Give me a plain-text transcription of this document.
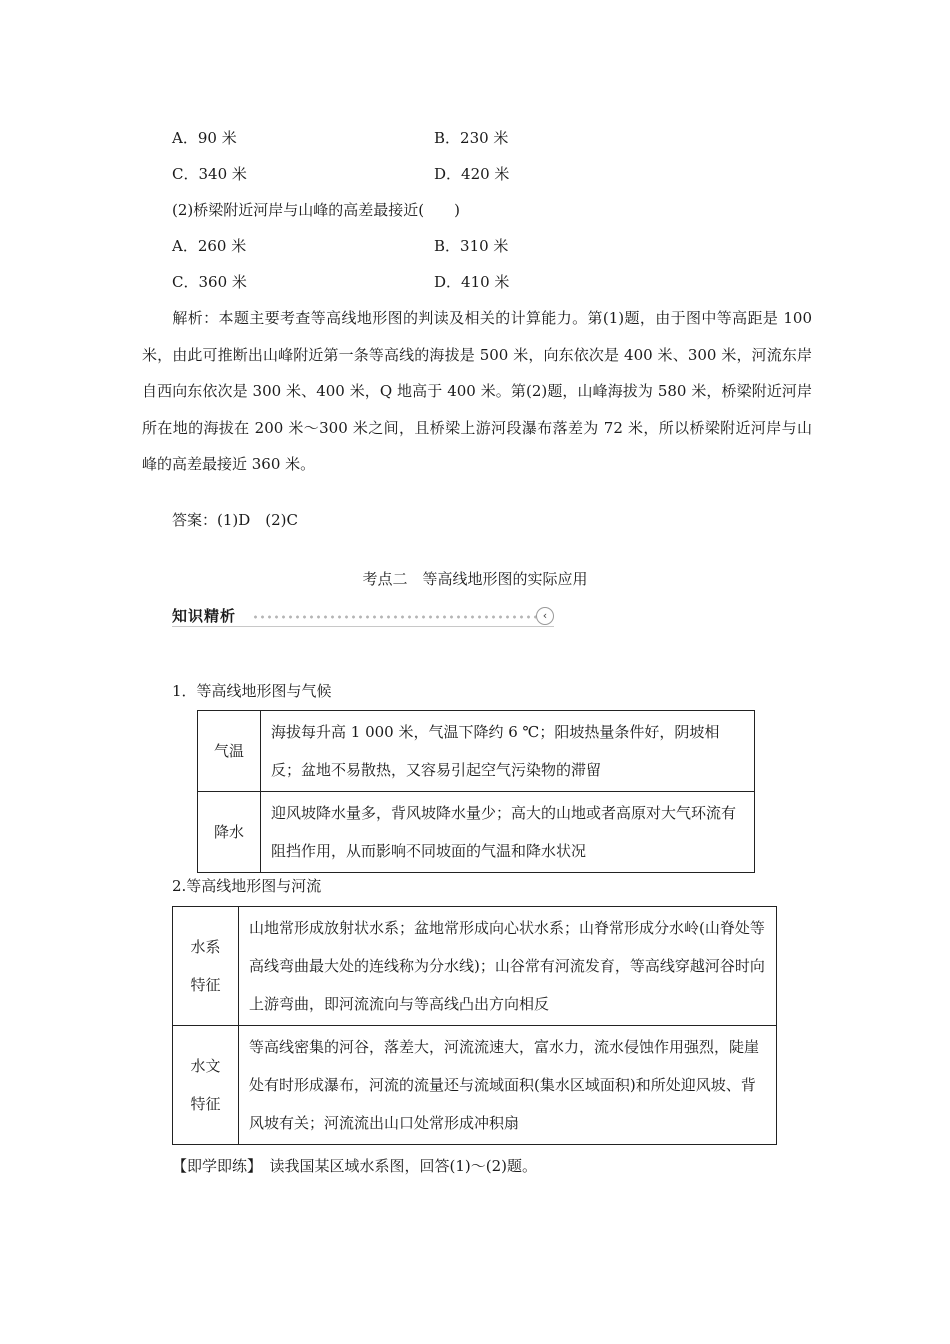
A．90 米	B．230 米
C．340 米	D．420 米
(2)桥梁附近河岸与山峰的高差最接近(　　)
A．260 米	B．310 米
C．360 米	D．410 米
解析：本题主要考查等高线地形图的判读及相关的计算能力。第(1)题，由于图中等高距是 100 米，由此可推断出山峰附近第一条等高线的海拔是 500 米，向东依次是 400 米、300 米，河流东岸自西向东依次是 300 米、400 米，Q 地高于 400 米。第(2)题，山峰海拔为 580 米，桥梁附近河岸所在地的海拔在 200 米～300 米之间，且桥梁上游河段瀑布落差为 72 米，所以桥梁附近河岸与山峰的高差最接近 360 米。
答案：(1)D　(2)C
考点二　等高线地形图的实际应用
知识精析	‹
1．等高线地形图与气候
气温	海拔每升高 1 000 米，气温下降约 6 ℃；阳坡热量条件好，阴坡相反；盆地不易散热，又容易引起空气污染物的滞留
降水	迎风坡降水量多，背风坡降水量少；高大的山地或者高原对大气环流有阻挡作用，从而影响不同坡面的气温和降水状况
2.等高线地形图与河流
水系
特征	山地常形成放射状水系；盆地常形成向心状水系；山脊常形成分水岭(山脊处等高线弯曲最大处的连线称为分水线)；山谷常有河流发育，等高线穿越河谷时向上游弯曲，即河流流向与等高线凸出方向相反

水文
特征	等高线密集的河谷，落差大，河流流速大，富水力，流水侵蚀作用强烈，陡崖处有时形成瀑布，河流的流量还与流域面积(集水区域面积)和所处迎风坡、背风坡有关；河流流出山口处常形成冲积扇
【即学即练】　读我国某区域水系图，回答(1)～(2)题。
